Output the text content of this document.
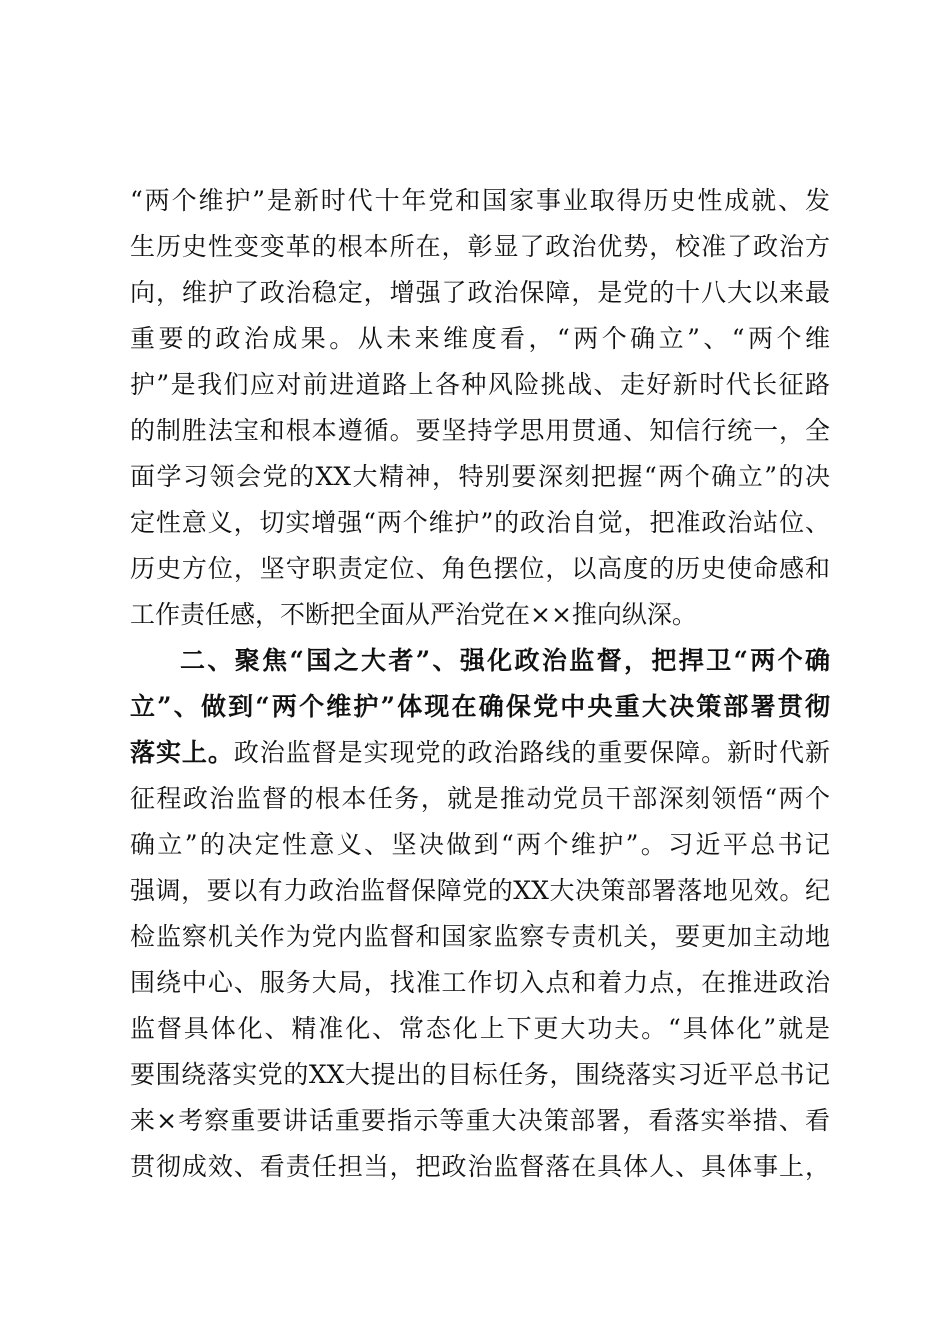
“两个维护”是新时代十年党和国家事业取得历史性成就、发

生历史性变变革的根本所在，彰显了政治优势，校准了政治方

向，维护了政治稳定，增强了政治保障，是党的十八大以来最

重要的政治成果。从未来维度看，“两个确立”、“两个维

护”是我们应对前进道路上各种风险挑战、走好新时代长征路

的制胜法宝和根本遵循。要坚持学思用贯通、知信行统一，全

面学习领会党的XX大精神，特别要深刻把握“两个确立”的决

定性意义，切实增强“两个维护”的政治自觉，把准政治站位、

历史方位，坚守职责定位、角色摆位，以高度的历史使命感和

工作责任感，不断把全面从严治党在××推向纵深。

二、聚焦“国之大者”、强化政治监督，把捍卫“两个确

立”、做到“两个维护”体现在确保党中央重大决策部署贯彻

落实上。政治监督是实现党的政治路线的重要保障。新时代新

征程政治监督的根本任务，就是推动党员干部深刻领悟“两个

确立”的决定性意义、坚决做到“两个维护”。习近平总书记

强调，要以有力政治监督保障党的XX大决策部署落地见效。纪

检监察机关作为党内监督和国家监察专责机关，要更加主动地

围绕中心、服务大局，找准工作切入点和着力点，在推进政治

监督具体化、精准化、常态化上下更大功夫。“具体化”就是

要围绕落实党的XX大提出的目标任务，围绕落实习近平总书记

来×考察重要讲话重要指示等重大决策部署，看落实举措、看

贯彻成效、看责任担当，把政治监督落在具体人、具体事上，
